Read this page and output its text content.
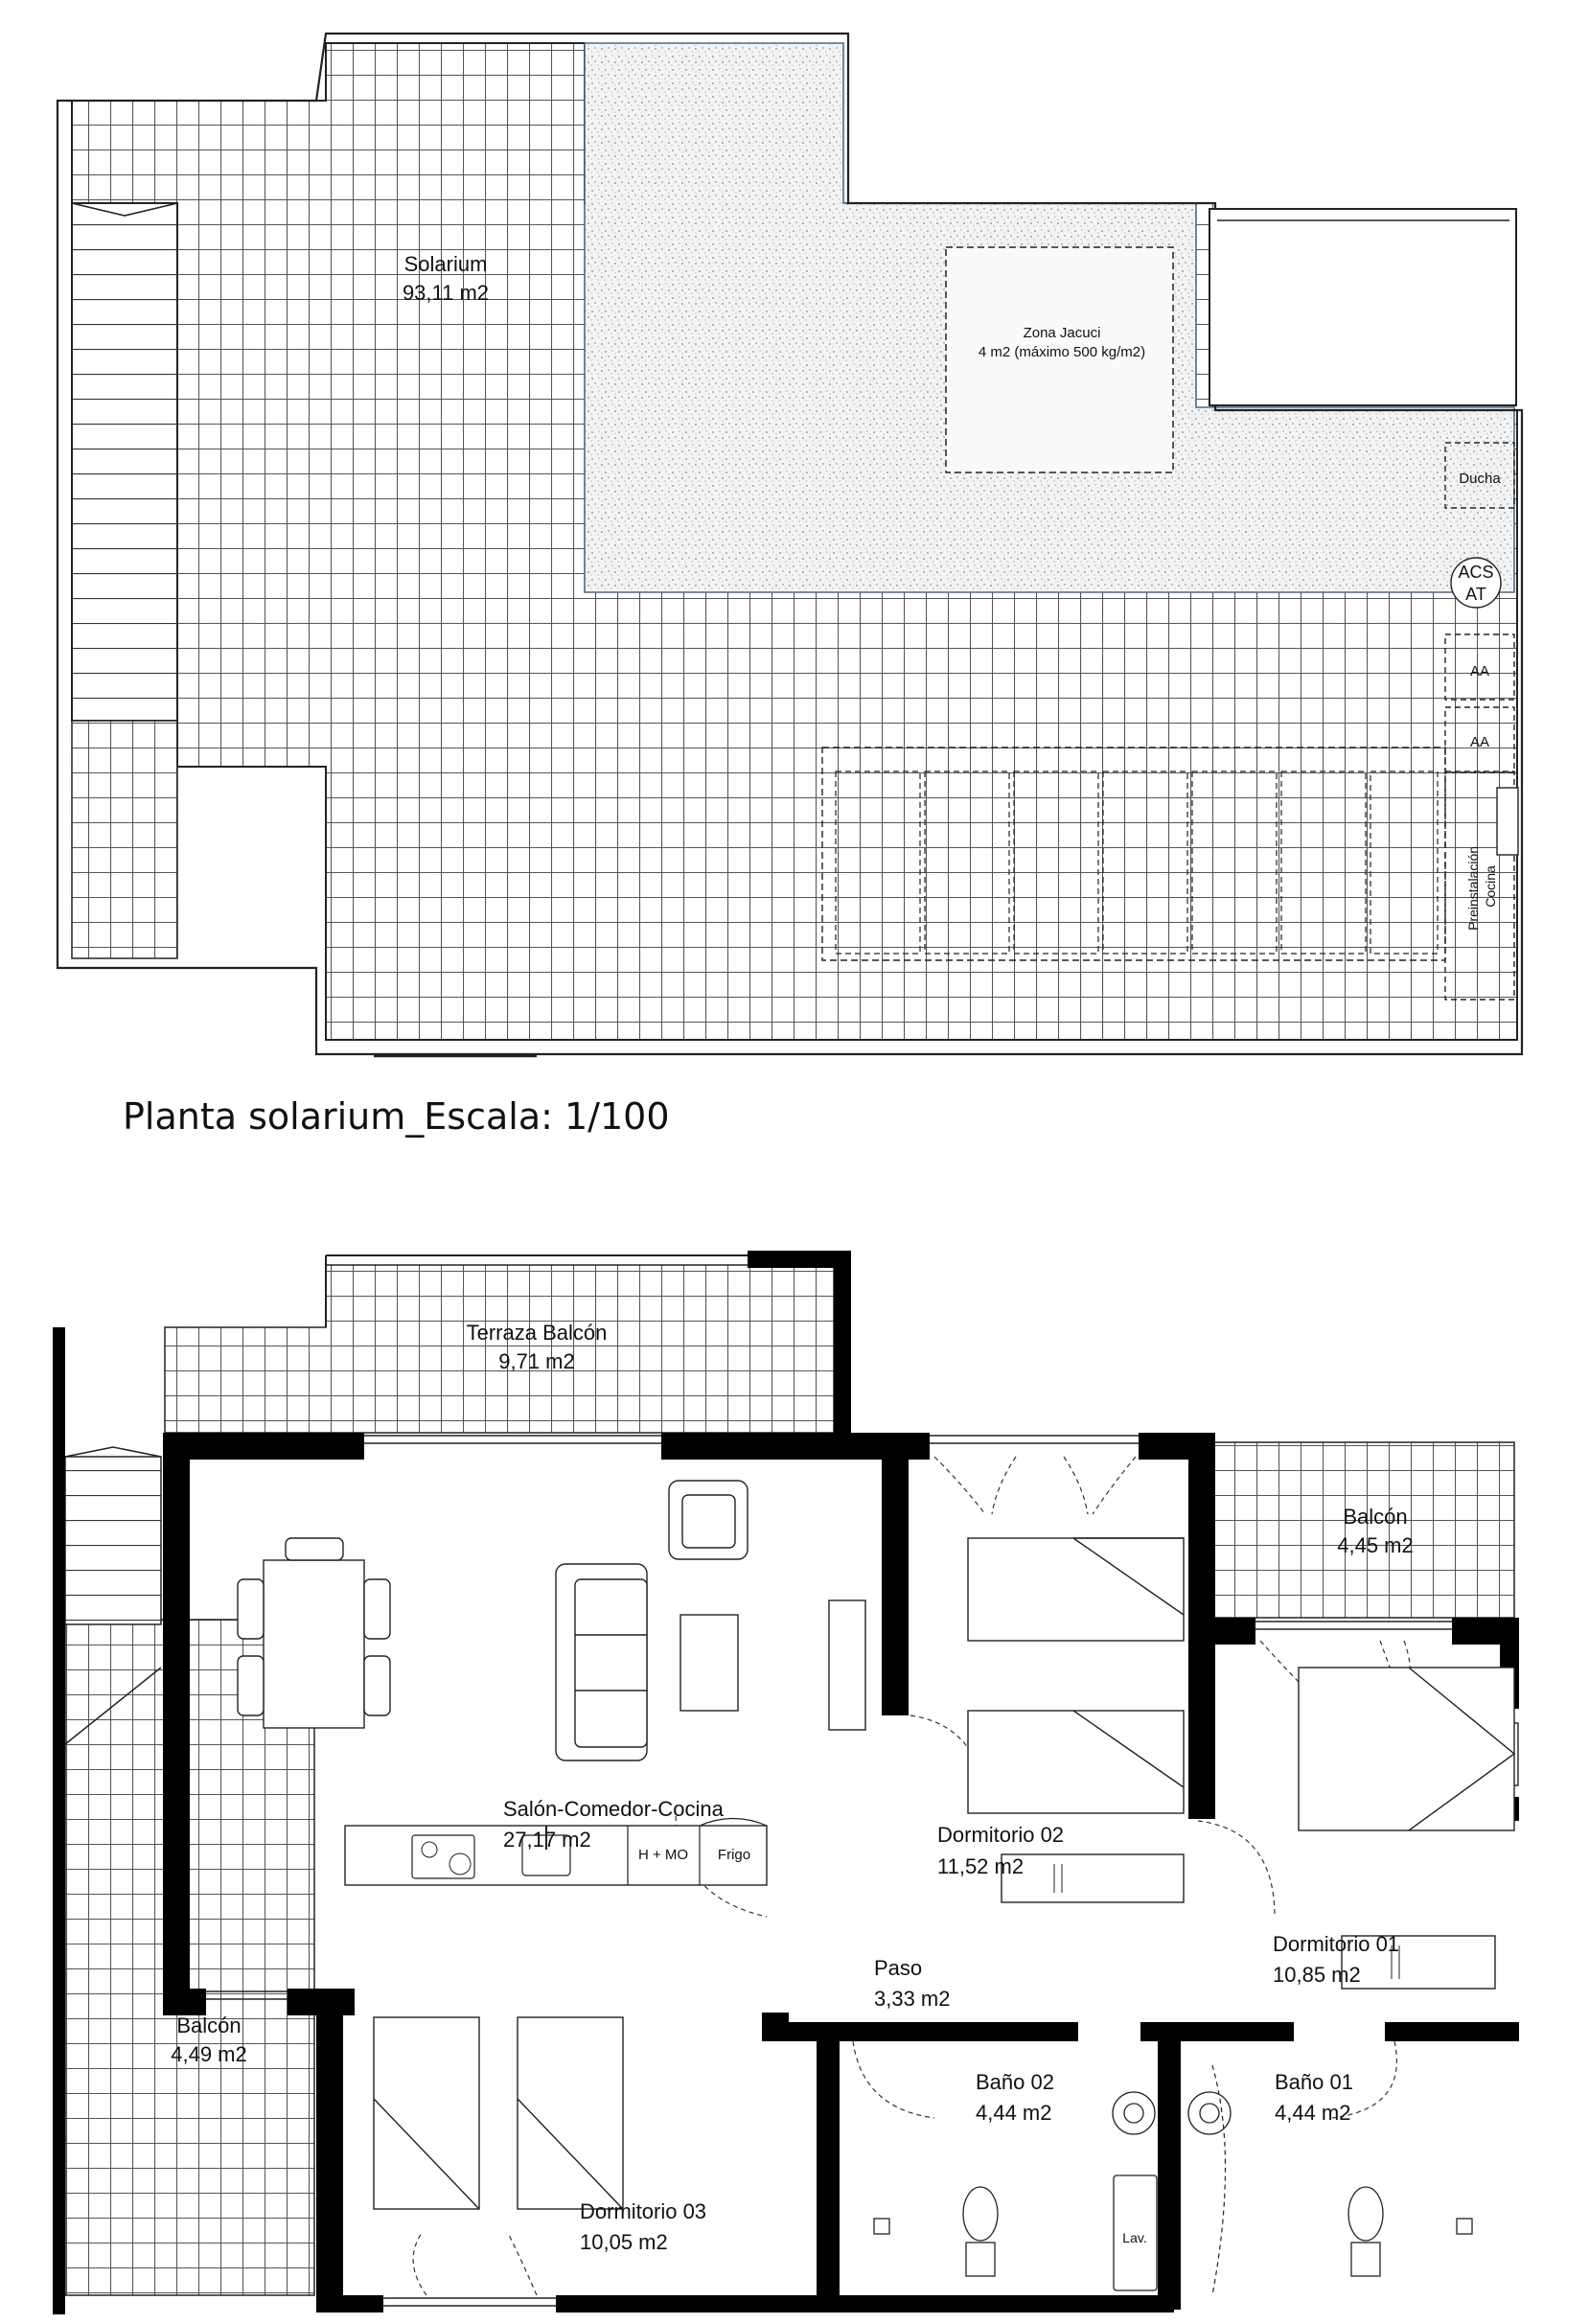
Solarium
93,11 m2
Zona Jacuci
4 m2 (máximo 500 kg/m2)
Ducha
ACS
AT
AA
AA
Preinstalación Cocina
Planta solarium_Escala: 1/100
Terraza Balcón
9,71 m2
Balcón
4,45 m2
Salón-Comedor-Cocina
27,17 m2	Dormitorio 02
11,52 m2
Dormitorio 01
10,85 m2
Paso
3,33 m2
Balcón
4,49 m2
Baño 02
4,44 m2
Baño 01
4,44 m2
Dormitorio 03
10,05 m2
H + MO Frigo
Lav.
